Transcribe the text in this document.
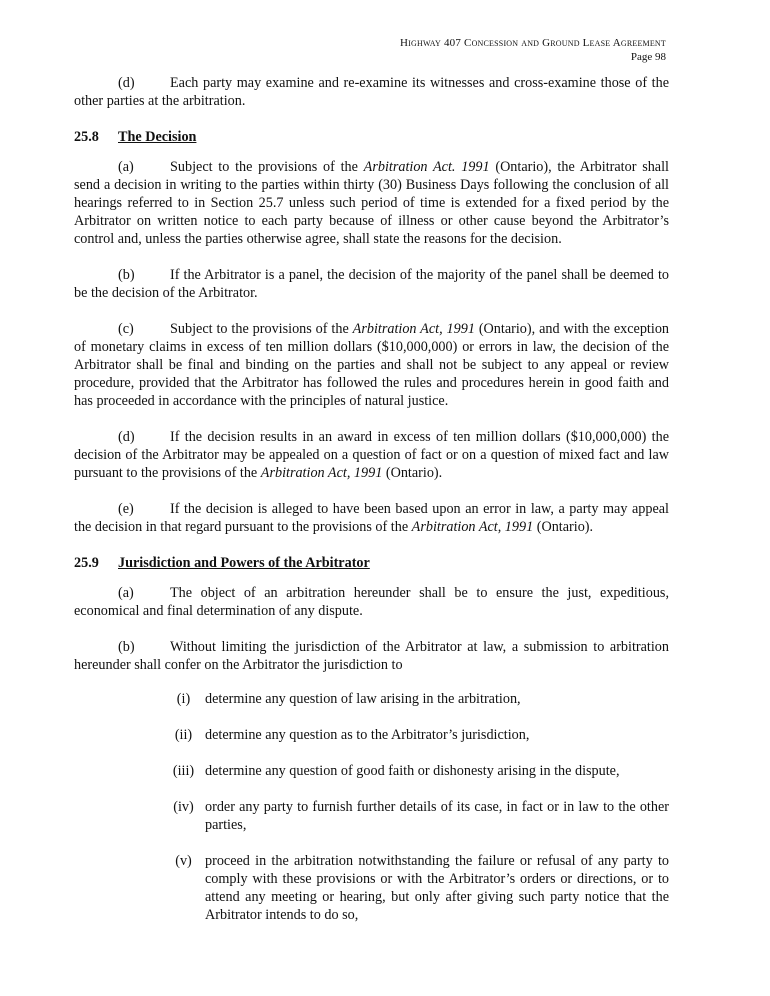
Highway 407 Concession and Ground Lease Agreement
Page 98

(d) Each party may examine and re-examine its witnesses and cross-examine those of the other parties at the arbitration.

25.8 The Decision

(a)	Subject to the provisions of the Arbitration Act. 1991 (Ontario), the Arbitrator shall send a decision in writing to the parties within thirty (30) Business Days following the conclusion of all hearings referred to in Section 25.7 unless such period of time is extended for a fixed period by the Arbitrator on written notice to each party because of illness or other cause beyond the Arbitrator’s control and, unless the parties otherwise agree, shall state the reasons for the decision.

(b) If the Arbitrator is a panel, the decision of the majority of the panel shall be deemed to be the decision of the Arbitrator.

(c)	Subject to the provisions of the Arbitration Act, 1991 (Ontario), and with the exception of monetary claims in excess of ten million dollars ($10,000,000) or errors in law, the decision of the Arbitrator shall be final and binding on the parties and shall not be subject to any appeal or review procedure, provided that the Arbitrator has followed the rules and procedures herein in good faith and has proceeded in accordance with the principles of natural justice.

(d) If the decision results in an award in excess of ten million dollars ($10,000,000) the decision of the Arbitrator may be appealed on a question of fact or on a question of mixed fact and law pursuant to the provisions of the Arbitration Act, 1991 (Ontario).

(e)	If the decision is alleged to have been based upon an error in law, a party may appeal the decision in that regard pursuant to the provisions of the Arbitration Act, 1991 (Ontario).

25.9 Jurisdiction and Powers of the Arbitrator

(a)	The object of an arbitration hereunder shall be to ensure the just, expeditious, economical and final determination of any dispute.

(b) Without limiting the jurisdiction of the Arbitrator at law, a submission to arbitration hereunder shall confer on the Arbitrator the jurisdiction to

(i)	determine any question of law arising in the arbitration,
(ii) determine any question as to the Arbitrator’s jurisdiction,
(iii) determine any question of good faith or dishonesty arising in the dispute,
(iv) order any party to furnish further details of its case, in fact or in law to the other parties,
(v) proceed in the arbitration notwithstanding the failure or refusal of any party to comply with these provisions or with the Arbitrator’s orders or directions, or to attend any meeting or hearing, but only after giving such party notice that the Arbitrator intends to do so,
